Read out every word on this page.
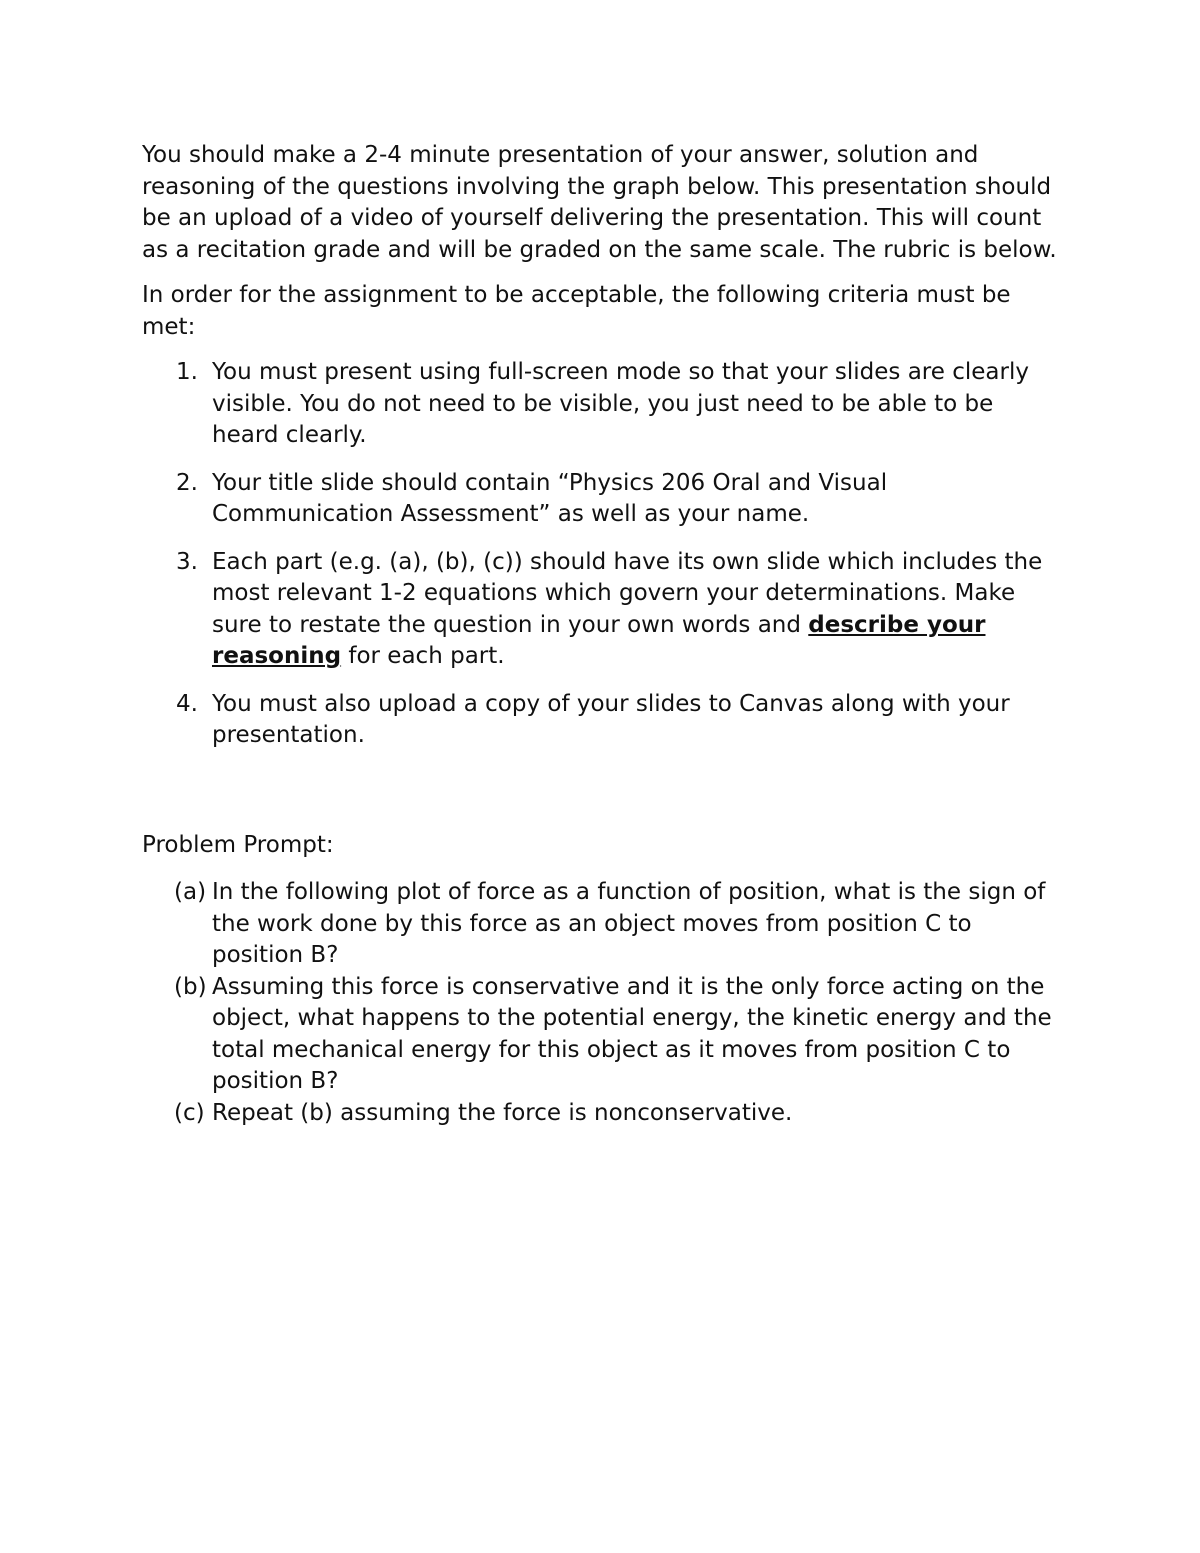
You should make a 2-4 minute presentation of your answer, solution and reasoning of the questions involving the graph below. This presentation should be an upload of a video of yourself delivering the presentation. This will count as a recitation grade and will be graded on the same scale. The rubric is below.

In order for the assignment to be acceptable, the following criteria must be met:

1. You must present using full-screen mode so that your slides are clearly visible. You do not need to be visible, you just need to be able to be heard clearly.
2. Your title slide should contain “Physics 206 Oral and Visual Communication Assessment” as well as your name.
3. Each part (e.g. (a), (b), (c)) should have its own slide which includes the most relevant 1-2 equations which govern your determinations. Make sure to restate the question in your own words and describe your reasoning for each part.
4. You must also upload a copy of your slides to Canvas along with your presentation.

Problem Prompt:

(a) In the following plot of force as a function of position, what is the sign of the work done by this force as an object moves from position C to position B?
(b) Assuming this force is conservative and it is the only force acting on the object, what happens to the potential energy, the kinetic energy and the total mechanical energy for this object as it moves from position C to position B?
(c) Repeat (b) assuming the force is nonconservative.
